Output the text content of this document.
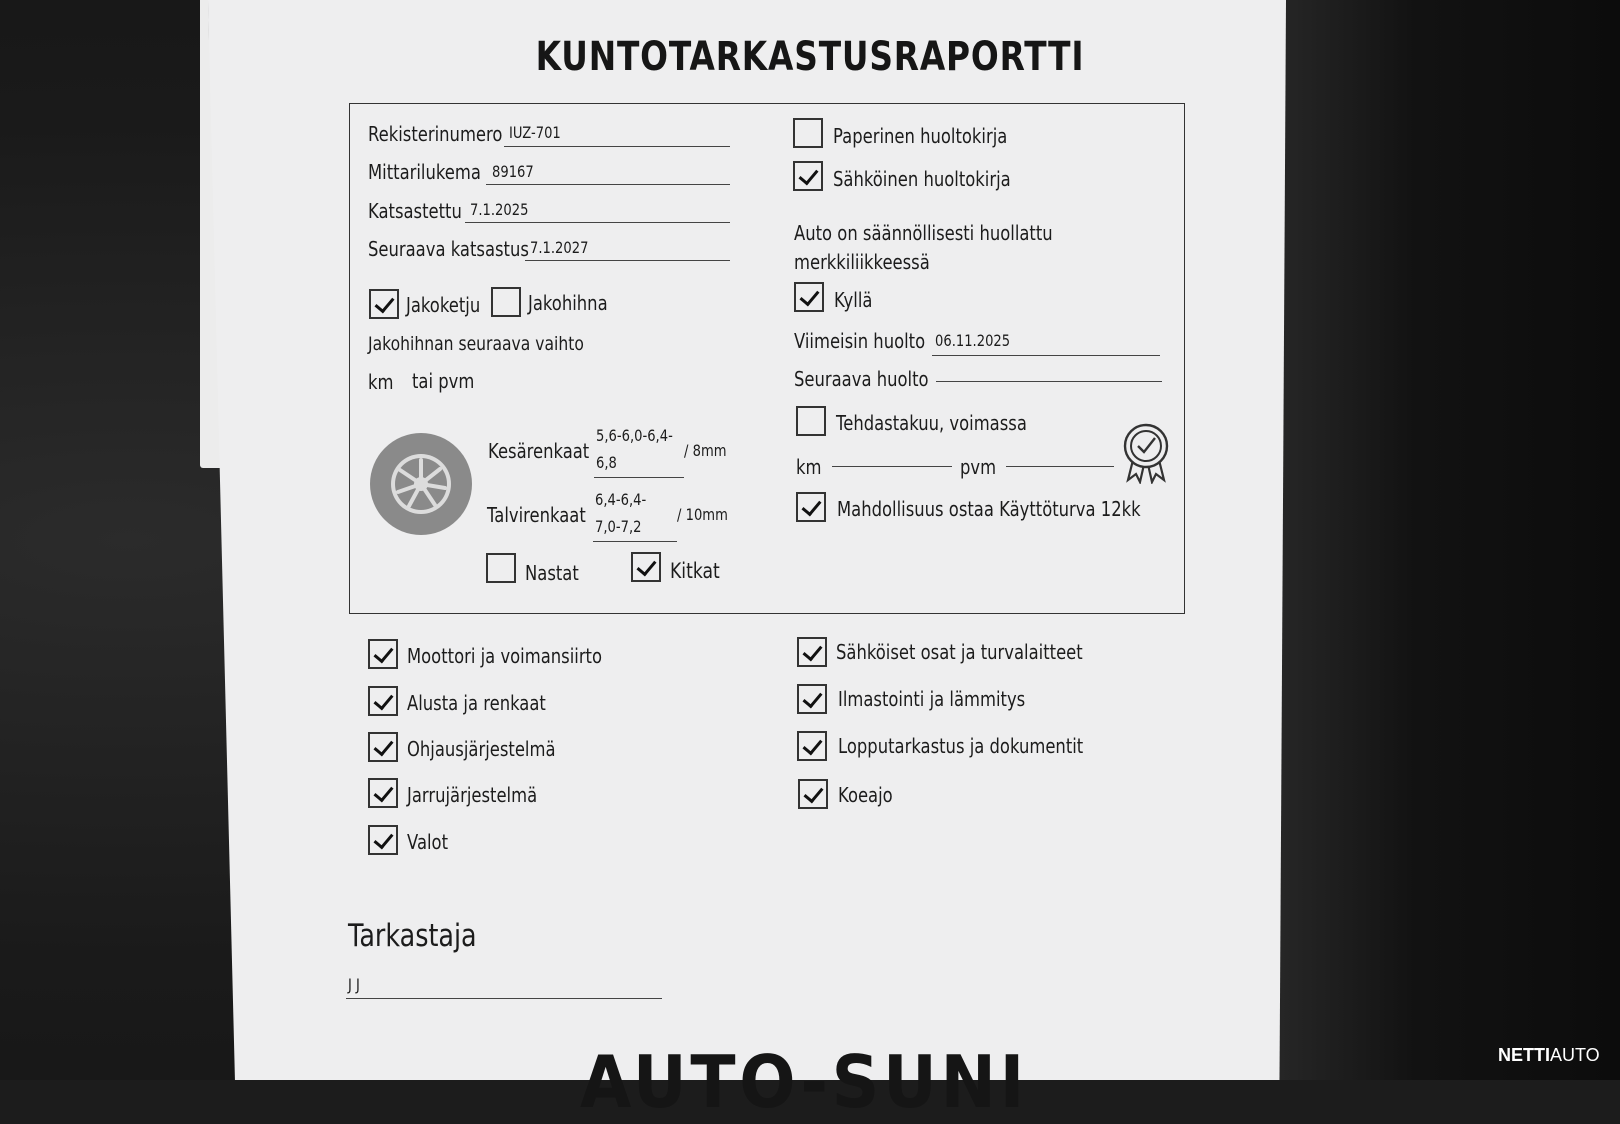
KUNTOTARKASTUSRAPORTTI
Rekisterinumero IUZ-701
Mittarilukema 89167
Katsastettu 7.1.2025
Seuraava katsastus 7.1.2027
Jakoketju Jakohihna
Jakohihnan seuraava vaihto
km tai pvm
Kesärenkaat
5,6-6,0-6,4-
6,8
/ 8mm
Talvirenkaat
6,4-6,4-
7,0-7,2
/ 10mm
Nastat	Kitkat
Paperinen huoltokirja
Sähköinen huoltokirja
Auto on säännöllisesti huollattu
merkkiliikkeessä
Kyllä
Viimeisin huolto 06.11.2025
Seuraava huolto
Tehdastakuu, voimassa
km	pvm
Mahdollisuus ostaa Käyttöturva 12kk
Moottori ja voimansiirto
Alusta ja renkaat
Ohjausjärjestelmä
Jarrujärjestelmä
Valot
Sähköiset osat ja turvalaitteet
Ilmastointi ja lämmitys
Lopputarkastus ja dokumentit
Koeajo
Tarkastaja
J J
AUTO-SUNI	NETTIAUTO
